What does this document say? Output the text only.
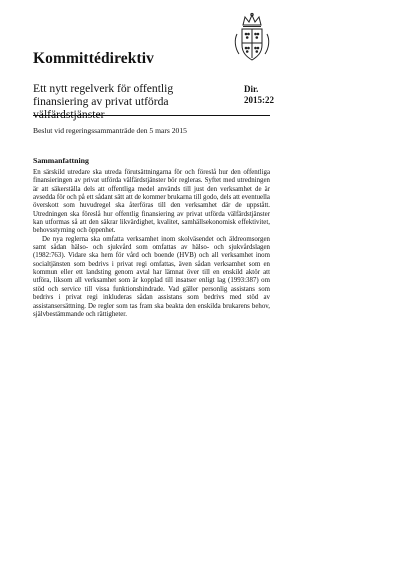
Kommittédirektiv
Ett nytt regelverk för offentlig finansiering av privat utförda välfärdstjänster
Dir.
2015:22
Beslut vid regeringssammanträde den 5 mars 2015
Sammanfattning

En särskild utredare ska utreda förutsättningarna för och föreslå hur den offentliga finansieringen av privat utförda välfärdstjänster bör regleras. Syftet med utredningen är att säkerställa dels att offentliga medel används till just den verksamhet de är avsedda för och på ett sådant sätt att de kommer brukarna till godo, dels att eventuella överskott som huvudregel ska återföras till den verksamhet där de uppstått. Utredningen ska föreslå hur offentlig finansiering av privat utförda välfärdstjänster kan utformas så att den säkrar likvärdighet, kvalitet, samhällsekonomisk effektivitet, behovsstyrning och öppenhet.

De nya reglerna ska omfatta verksamhet inom skolväsendet och äldreomsorgen samt sådan hälso- och sjukvård som omfattas av hälso- och sjukvårdslagen (1982:763). Vidare ska hem för vård och boende (HVB) och all verksamhet inom socialtjänsten som bedrivs i privat regi omfattas, även sådan verksamhet som en kommun eller ett landsting genom avtal har lämnat över till en enskild aktör att utföra, liksom all verksamhet som är kopplad till insatser enligt lag (1993:387) om stöd och service till vissa funktionshindrade. Vad gäller personlig assistans som bedrivs i privat regi inkluderas sådan assistans som bedrivs med stöd av assistansersättning. De regler som tas fram ska beakta den enskilda brukarens behov, självbestämmande och rättigheter.
